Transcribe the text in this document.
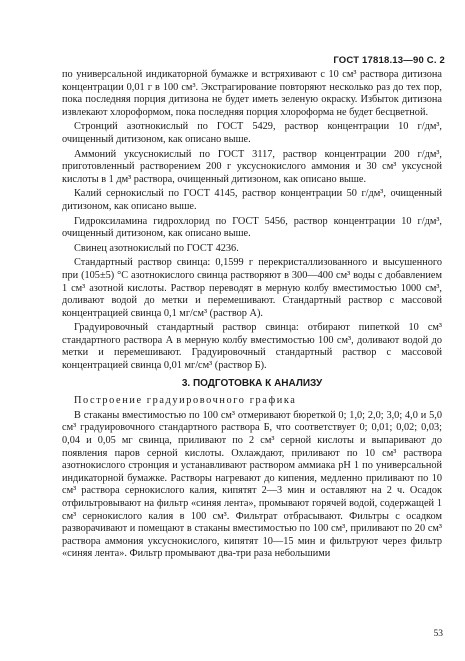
ГОСТ 17818.13—90 С. 2

по универсальной индикаторной бумажке и встряхивают с 10 см³ раствора дитизона концентрации 0,01 г в 100 см³. Экстрагирование повторяют несколько раз до тех пор, пока последняя порция дитизона не будет иметь зеленую окраску. Избыток дитизона извлекают хлороформом, пока последняя порция хлороформа не будет бесцветной.

Стронций азотнокислый по ГОСТ 5429, раствор концентрации 10 г/дм³, очищенный дитизоном, как описано выше.

Аммоний уксуснокислый по ГОСТ 3117, раствор концентрации 200 г/дм³, приготовленный растворением 200 г уксуснокислого аммония и 30 см³ уксусной кислоты в 1 дм³ раствора, очищенный дитизоном, как описано выше.

Калий сернокислый по ГОСТ 4145, раствор концентрации 50 г/дм³, очищенный дитизоном, как описано выше.

Гидроксиламина гидрохлорид по ГОСТ 5456, раствор концентрации 10 г/дм³, очищенный дитизоном, как описано выше.

Свинец азотнокислый по ГОСТ 4236.

Стандартный раствор свинца: 0,1599 г перекристаллизованного и высушенного при (105±5) °С азотнокислого свинца растворяют в 300—400 см³ воды с добавлением 1 см³ азотной кислоты. Раствор переводят в мерную колбу вместимостью 1000 см³, доливают водой до метки и перемешивают. Стандартный раствор с массовой концентрацией свинца 0,1 мг/см³ (раствор А).

Градуировочный стандартный раствор свинца: отбирают пипеткой 10 см³ стандартного раствора А в мерную колбу вместимостью 100 см³, доливают водой до метки и перемешивают. Градуировочный стандартный раствор с массовой концентрацией свинца 0,01 мг/см³ (раствор Б).

3. ПОДГОТОВКА К АНАЛИЗУ
Построение градуировочного графика

В стаканы вместимостью по 100 см³ отмеривают бюреткой 0; 1,0; 2,0; 3,0; 4,0 и 5,0 см³ градуировочного стандартного раствора Б, что соответствует 0; 0,01; 0,02; 0,03; 0,04 и 0,05 мг свинца, приливают по 2 см³ серной кислоты и выпаривают до появления паров серной кислоты. Охлаждают, приливают по 10 см³ раствора азотнокислого стронция и устанавливают раствором аммиака рН 1 по универсальной индикаторной бумажке. Растворы нагревают до кипения, медленно приливают по 10 см³ раствора сернокислого калия, кипятят 2—3 мин и оставляют на 2 ч. Осадок отфильтровывают на фильтр «синяя лента», промывают горячей водой, содержащей 1 см³ сернокислого калия в 100 см³. Фильтрат отбрасывают. Фильтры с осадком разворачивают и помещают в стаканы вместимостью по 100 см³, приливают по 20 см³ раствора аммония уксуснокислого, кипятят 10—15 мин и фильтруют через фильтр «синяя лента». Фильтр промывают два-три раза небольшими

53
